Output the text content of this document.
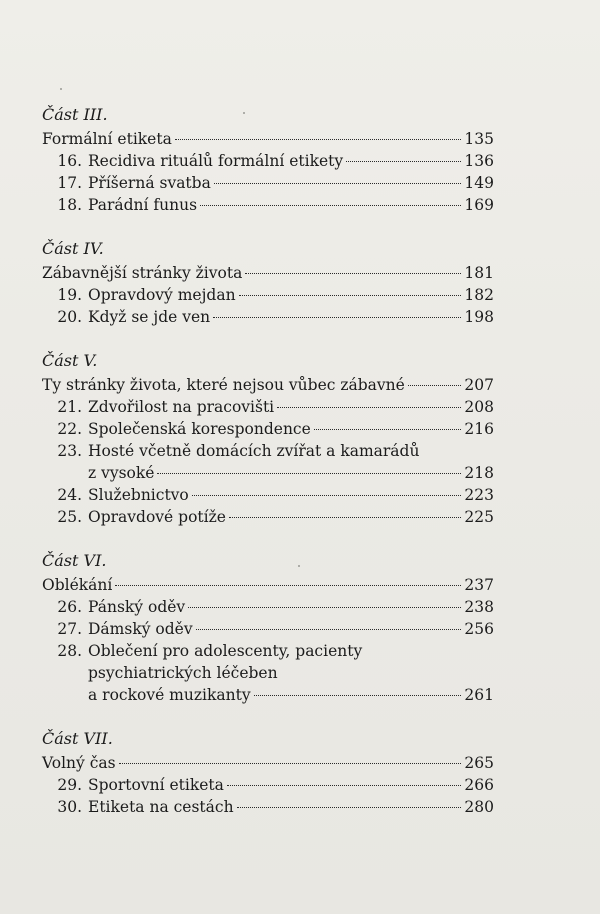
Část III.
Formální etiketa	135
16. Recidiva rituálů formální etikety	136
17. Příšerná svatba	149
18. Parádní funus	169
Část IV.
Zábavnější stránky života	181
19. Opravdový mejdan	182
20. Když se jde ven	198
Část V.
Ty stránky života, které nejsou vůbec zábavné	207
21. Zdvořilost na pracovišti	208
22. Společenská korespondence	216
23. Hosté včetně domácích zvířat a kamarádů
z vysoké	218
24. Služebnictvo	223
25. Opravdové potíže	225
Část VI.
Oblékání	237
26. Pánský oděv	238
27. Dámský oděv	256
28. Oblečení pro adolescenty, pacienty
psychiatrických léčeben
a rockové muzikanty	261
Část VII.
Volný čas	265
29. Sportovní etiketa	266
30. Etiketa na cestách	280
